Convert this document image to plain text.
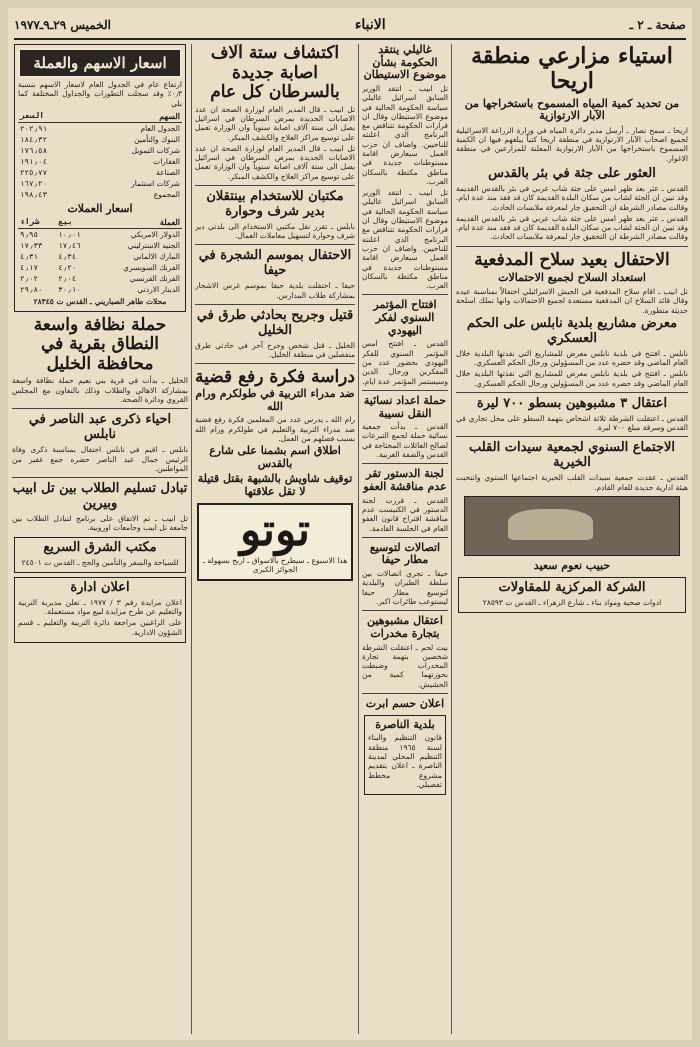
صفحة ـ ٢ ـ
الانباء
الخميس ٢٩ـ٩ـ١٩٧٧
استياء مزارعي منطقة اريحا
من تحديد كمية المياه المسموح باستخراجها من الآبار الارتوازية

اريحا ـ سمح نصار ـ أرسل مدير دائرة المياه في وزارة الزراعة الاسرائيلية لجميع اصحاب الآبار الارتوازية في منطقة اريحا كتباً يبلغهم فيها ان الكمية المسموح باستخراجها من الآبار الارتوازية المعلنة للمزارعين في منطقة الاغوار.

العثور على جثة في بئر بالقدس

القدس ـ عثر بعد ظهر امس على جثة شاب عربي في بئر بالقدس القديمة وقد تبين ان الجثة لشاب من سكان البلدة القديمة كان قد فقد منذ عدة ايام. وقالت مصادر الشرطة ان التحقيق جار لمعرفة ملابسات الحادث.

القدس ـ عثر بعد ظهر امس على جثة شاب عربي في بئر بالقدس القديمة وقد تبين ان الجثة لشاب من سكان البلدة القديمة كان قد فقد منذ عدة ايام. وقالت مصادر الشرطة ان التحقيق جار لمعرفة ملابسات الحادث.

الاحتفال بعيد سلاح المدفعية
استعداد السلاح لجميع الاحتمالات

تل ابيب ـ اقام سلاح المدفعية في الجيش الاسرائيلي احتفالاً بمناسبة عيده وقال قائد السلاح ان المدفعية مستعدة لجميع الاحتمالات وانها تملك اسلحة حديثة متطورة.

معرض مشاريع بلدية نابلس على الحكم العسكري

نابلس ـ افتتح في بلدية نابلس معرض للمشاريع التي نفذتها البلدية خلال العام الماضي وقد حضره عدد من المسؤولين ورجال الحكم العسكري.

نابلس ـ افتتح في بلدية نابلس معرض للمشاريع التي نفذتها البلدية خلال العام الماضي وقد حضره عدد من المسؤولين ورجال الحكم العسكري.

اعتقال ٣ مشبوهين بسطو ٧٠٠ ليرة

القدس ـ اعتقلت الشرطة ثلاثة اشخاص بتهمة السطو على محل تجاري في القدس وسرقة مبلغ ٧٠٠ ليرة.

الاجتماع السنوي لجمعية سيدات القلب الخيرية

القدس ـ عقدت جمعية سيدات القلب الخيرية اجتماعها السنوي وانتخبت هيئة ادارية جديدة للعام القادم.

حبيب نعوم سعيد
الشركة المركزية للمقاولات

ادوات صحية ومواد بناء ـ شارع الزهراء ـ القدس ت ٢٨٥٩٣

غاليلي ينتقد الحكومة بشأن موضوع الاستيطان

تل ابيب ـ انتقد الوزير السابق اسرائيل غاليلي سياسة الحكومة الحالية في موضوع الاستيطان وقال ان قرارات الحكومة تتناقض مع البرنامج الذي اعلنته للناخبين. واضاف ان حزب العمل سيعارض اقامة مستوطنات جديدة في مناطق مكتظة بالسكان العرب.

تل ابيب ـ انتقد الوزير السابق اسرائيل غاليلي سياسة الحكومة الحالية في موضوع الاستيطان وقال ان قرارات الحكومة تتناقض مع البرنامج الذي اعلنته للناخبين. واضاف ان حزب العمل سيعارض اقامة مستوطنات جديدة في مناطق مكتظة بالسكان العرب.

افتتاح المؤتمر السنوي لفكر اليهودي

القدس ـ افتتح امس المؤتمر السنوي للفكر اليهودي بحضور عدد من المفكرين ورجال الدين وسيستمر المؤتمر عدة ايام.

حملة اعداد نسائية النقل نسيبة

القدس ـ بدأت جمعية نسائية حملة لجمع التبرعات لصالح العائلات المحتاجة في القدس والضفة الغربية.

لجنة الدستور تقر عدم مناقشة العفو

القدس ـ قررت لجنة الدستور في الكنيست عدم مناقشة اقتراح قانون العفو العام في الجلسة القادمة.

اتصالات لتوسيع مطار حيفا

حيفا ـ تجري اتصالات بين سلطة الطيران والبلدية لتوسيع مطار حيفا ليستوعب طائرات اكبر.

اعتقال مشبوهين بتجارة مخدرات

بيت لحم ـ اعتقلت الشرطة شخصين بتهمة تجارة المخدرات وضبطت بحوزتهما كمية من الحشيش.

اعلان حسم ابرت
بلدية الناصرة

قانون التنظيم والبناء لسنة ١٩٦٥ منطقة التنظيم المحلي لمدينة الناصرة ـ اعلان بتقديم مشروع مخطط تفصيلي.

اكتشاف ستة آلاف اصابة جديدة بالسرطان كل عام

تل ابيب ـ قال المدير العام لوزارة الصحة ان عدد الاصابات الجديدة بمرض السرطان في اسرائيل يصل الى ستة آلاف اصابة سنوياً وان الوزارة تعمل على توسيع مراكز العلاج والكشف المبكر.

تل ابيب ـ قال المدير العام لوزارة الصحة ان عدد الاصابات الجديدة بمرض السرطان في اسرائيل يصل الى ستة آلاف اصابة سنوياً وان الوزارة تعمل على توسيع مراكز العلاج والكشف المبكر.

مكتبان للاستخدام بينتقلان بدير شرف وحوارة

نابلس ـ تقرر نقل مكتبي الاستخدام الى بلدتي دير شرف وحوارة لتسهيل معاملات العمال.

الاحتفال بموسم الشجرة في حيفا

حيفا ـ احتفلت بلدية حيفا بموسم غرس الاشجار بمشاركة طلاب المدارس.

قتيل وجريح بحادثي طرق في الخليل

الخليل ـ قتل شخص وجرح آخر في حادثي طرق منفصلين في منطقة الخليل.

دراسة فكرة رفع قضية
ضد مدراء التربية في طولكرم ورام الله

رام الله ـ يدرس عدد من المعلمين فكرة رفع قضية ضد مدراء التربية والتعليم في طولكرم ورام الله بسبب فصلهم من العمل.

اطلاق اسم بشمنا على شارع بالقدس
توقيف شاويش بالشبهة بقتل قتيلة لا تقل علاقتها
توتو

هذا الاسبوع ـ سيطرح بالاسواق ـ اربح بسهولة ـ الجوائز الكبرى

اسعار الاسهم والعملة

ارتفاع عام في الجدول العام لاسعار الاسهم بنسبة ٠٫٣٪ وقد سجلت التطورات والجداول المختلفة كما يلي

السهم	السعر
الجدول العام	٢٠٢٫٩١
البنوك والتأمين	١٨٤٫٣٢
شركات التمويل	١٧٦٫٥٨
العقارات	١٩١٫٠٤
الصناعة	٢٢٥٫٧٧
شركات استثمار	١٦٧٫٢٠
المجموع	١٩٨٫٤٣
اسعار العملات
العملة	بيع	شراء
الدولار الامريكي	١٠٫٠١	٩٫٩٥
الجنيه الاسترليني	١٧٫٤٦	١٧٫٣٣
المارك الالماني	٤٫٣٤	٤٫٣١
الفرنك السويسري	٤٫٢٠	٤٫١٧
الفرنك الفرنسي	٢٫٠٤	٢٫٠٢
الدينار الاردني	٣٠٫١٠	٢٩٫٨٠

محلات طاهر الصباريني ـ القدس ت ٢٨٣٤٥

حملة نظافة واسعة النطاق بقرية في محافظة الخليل

الخليل ـ بدأت في قرية بني نعيم حملة نظافة واسعة بمشاركة الاهالي والطلاب وذلك بالتعاون مع المجلس القروي ودائرة الصحة.

احياء ذكرى عبد الناصر في نابلس

نابلس ـ اقيم في نابلس احتفال بمناسبة ذكرى وفاة الرئيس جمال عبد الناصر حضره جمع غفير من المواطنين.

تبادل تسليم الطلاب بين تل ابيب وبيرين

تل ابيب ـ تم الاتفاق على برنامج لتبادل الطلاب بين جامعة تل ابيب وجامعات اوروبية.

مكتب الشرق السريع

للسياحة والسفر والتأمين والحج ـ القدس ت ٢٤٥٠١

اعلان ادارة

اعلان مزايدة رقم ٣ / ١٩٧٧ ـ تعلن مديرية التربية والتعليم عن طرح مزايدة لبيع مواد مستعملة.

على الراغبين مراجعة دائرة التربية والتعليم ـ قسم الشؤون الادارية.
